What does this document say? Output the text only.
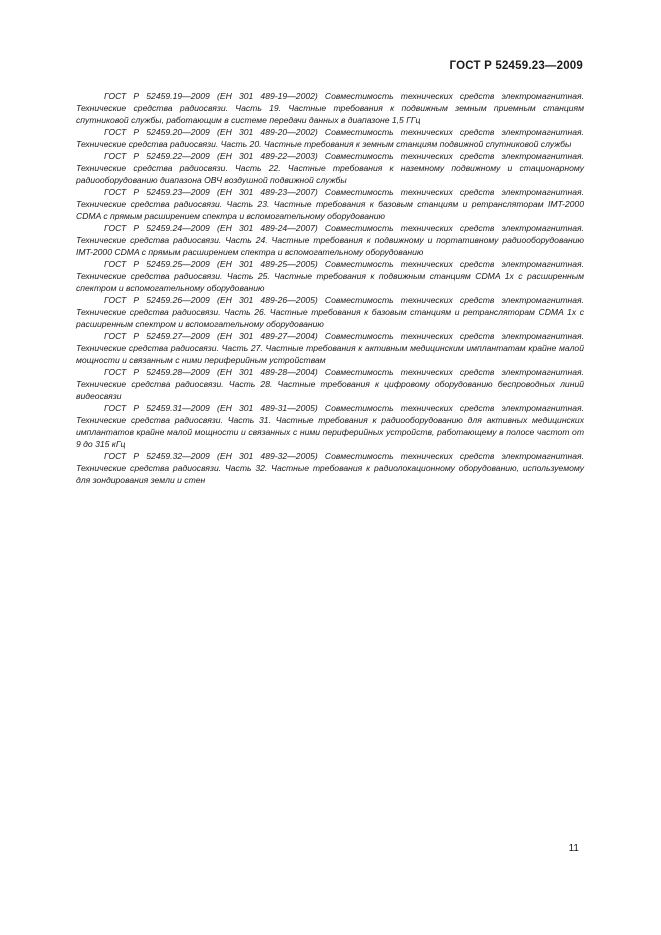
ГОСТ Р 52459.23—2009

ГОСТ Р 52459.19—2009 (ЕН 301 489-19—2002) Совместимость технических средств электромагнитная. Технические средства радиосвязи. Часть 19. Частные требования к подвижным земным приемным станциям спутниковой службы, работающим в системе передачи данных в диапазоне 1,5 ГГц

ГОСТ Р 52459.20—2009 (ЕН 301 489-20—2002) Совместимость технических средств электромагнитная. Технические средства радиосвязи. Часть 20. Частные требования к земным станциям подвижной спутниковой службы

ГОСТ Р 52459.22—2009 (ЕН 301 489-22—2003) Совместимость технических средств электромагнитная. Технические средства радиосвязи. Часть 22. Частные требования к наземному подвижному и стационарному радиооборудованию диапазона ОВЧ воздушной подвижной службы

ГОСТ Р 52459.23—2009 (ЕН 301 489-23—2007) Совместимость технических средств электромагнитная. Технические средства радиосвязи. Часть 23. Частные требования к базовым станциям и ретрансляторам IMT-2000 CDMA с прямым расширением спектра и вспомогательному оборудованию

ГОСТ Р 52459.24—2009 (ЕН 301 489-24—2007) Совместимость технических средств электромагнитная. Технические средства радиосвязи. Часть 24. Частные требования к подвижному и портативному радиооборудованию IMT-2000 CDMA с прямым расширением спектра и вспомогательному оборудованию

ГОСТ Р 52459.25—2009 (ЕН 301 489-25—2005) Совместимость технических средств электромагнитная. Технические средства радиосвязи. Часть 25. Частные требования к подвижным станциям CDMA 1x с расширенным спектром и вспомогательному оборудованию

ГОСТ Р 52459.26—2009 (ЕН 301 489-26—2005) Совместимость технических средств электромагнитная. Технические средства радиосвязи. Часть 26. Частные требования к базовым станциям и ретрансляторам CDMA 1x с расширенным спектром и вспомогательному оборудованию

ГОСТ Р 52459.27—2009 (ЕН 301 489-27—2004) Совместимость технических средств электромагнитная. Технические средства радиосвязи. Часть 27. Частные требования к активным медицинским имплантатам крайне малой мощности и связанным с ними периферийным устройствам

ГОСТ Р 52459.28—2009 (ЕН 301 489-28—2004) Совместимость технических средств электромагнитная. Технические средства радиосвязи. Часть 28. Частные требования к цифровому оборудованию беспроводных линий видеосвязи

ГОСТ Р 52459.31—2009 (ЕН 301 489-31—2005) Совместимость технических средств электромагнитная. Технические средства радиосвязи. Часть 31. Частные требования к радиооборудованию для активных медицинских имплантатов крайне малой мощности и связанных с ними периферийных устройств, работающему в полосе частот от 9 до 315 кГц

ГОСТ Р 52459.32—2009 (ЕН 301 489-32—2005) Совместимость технических средств электромагнитная. Технические средства радиосвязи. Часть 32. Частные требования к радиолокационному оборудованию, используемому для зондирования земли и стен

11
